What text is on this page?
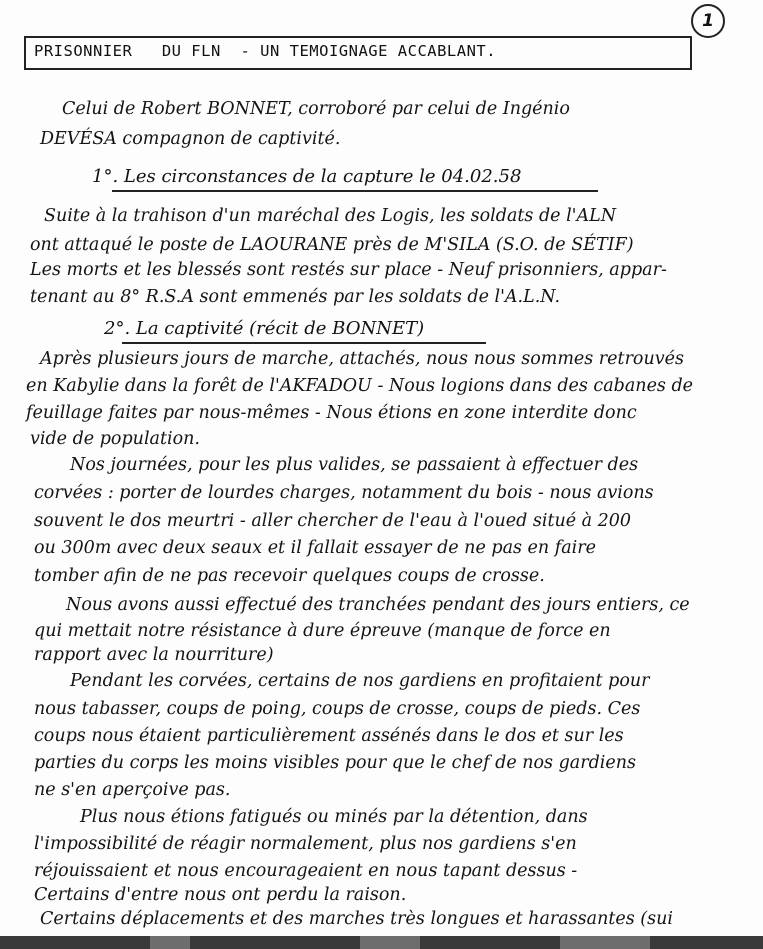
1
PRISONNIER   DU FLN  - UN TEMOIGNAGE ACCABLANT.
Celui de Robert BONNET, corroboré par celui de Ingénio
DEVÉSA compagnon de captivité.
1°. Les circonstances de la capture le 04.02.58
Suite à la trahison d'un maréchal des Logis, les soldats de l'ALN
ont attaqué le poste de LAOURANE près de M'SILA (S.O. de SÉTIF)
Les morts et les blessés sont restés sur place - Neuf prisonniers, appar-
tenant au 8° R.S.A sont emmenés par les soldats de l'A.L.N.
2°. La captivité (récit de BONNET)
Après plusieurs jours de marche, attachés, nous nous sommes retrouvés
en Kabylie dans la forêt de l'AKFADOU - Nous logions dans des cabanes de
feuillage faites par nous-mêmes - Nous étions en zone interdite donc
vide de population.
Nos journées, pour les plus valides, se passaient à effectuer des
corvées : porter de lourdes charges, notamment du bois - nous avions
souvent le dos meurtri - aller chercher de l'eau à l'oued situé à 200
ou 300m avec deux seaux et il fallait essayer de ne pas en faire
tomber afin de ne pas recevoir quelques coups de crosse.
Nous avons aussi effectué des tranchées pendant des jours entiers, ce
qui mettait notre résistance à dure épreuve (manque de force en
rapport avec la nourriture)
Pendant les corvées, certains de nos gardiens en profitaient pour
nous tabasser, coups de poing, coups de crosse, coups de pieds. Ces
coups nous étaient particulièrement assénés dans le dos et sur les
parties du corps les moins visibles pour que le chef de nos gardiens
ne s'en aperçoive pas.
Plus nous étions fatigués ou minés par la détention, dans
l'impossibilité de réagir normalement, plus nos gardiens s'en
réjouissaient et nous encourageaient en nous tapant dessus -
Certains d'entre nous ont perdu la raison.
Certains déplacements et des marches très longues et harassantes (sui
